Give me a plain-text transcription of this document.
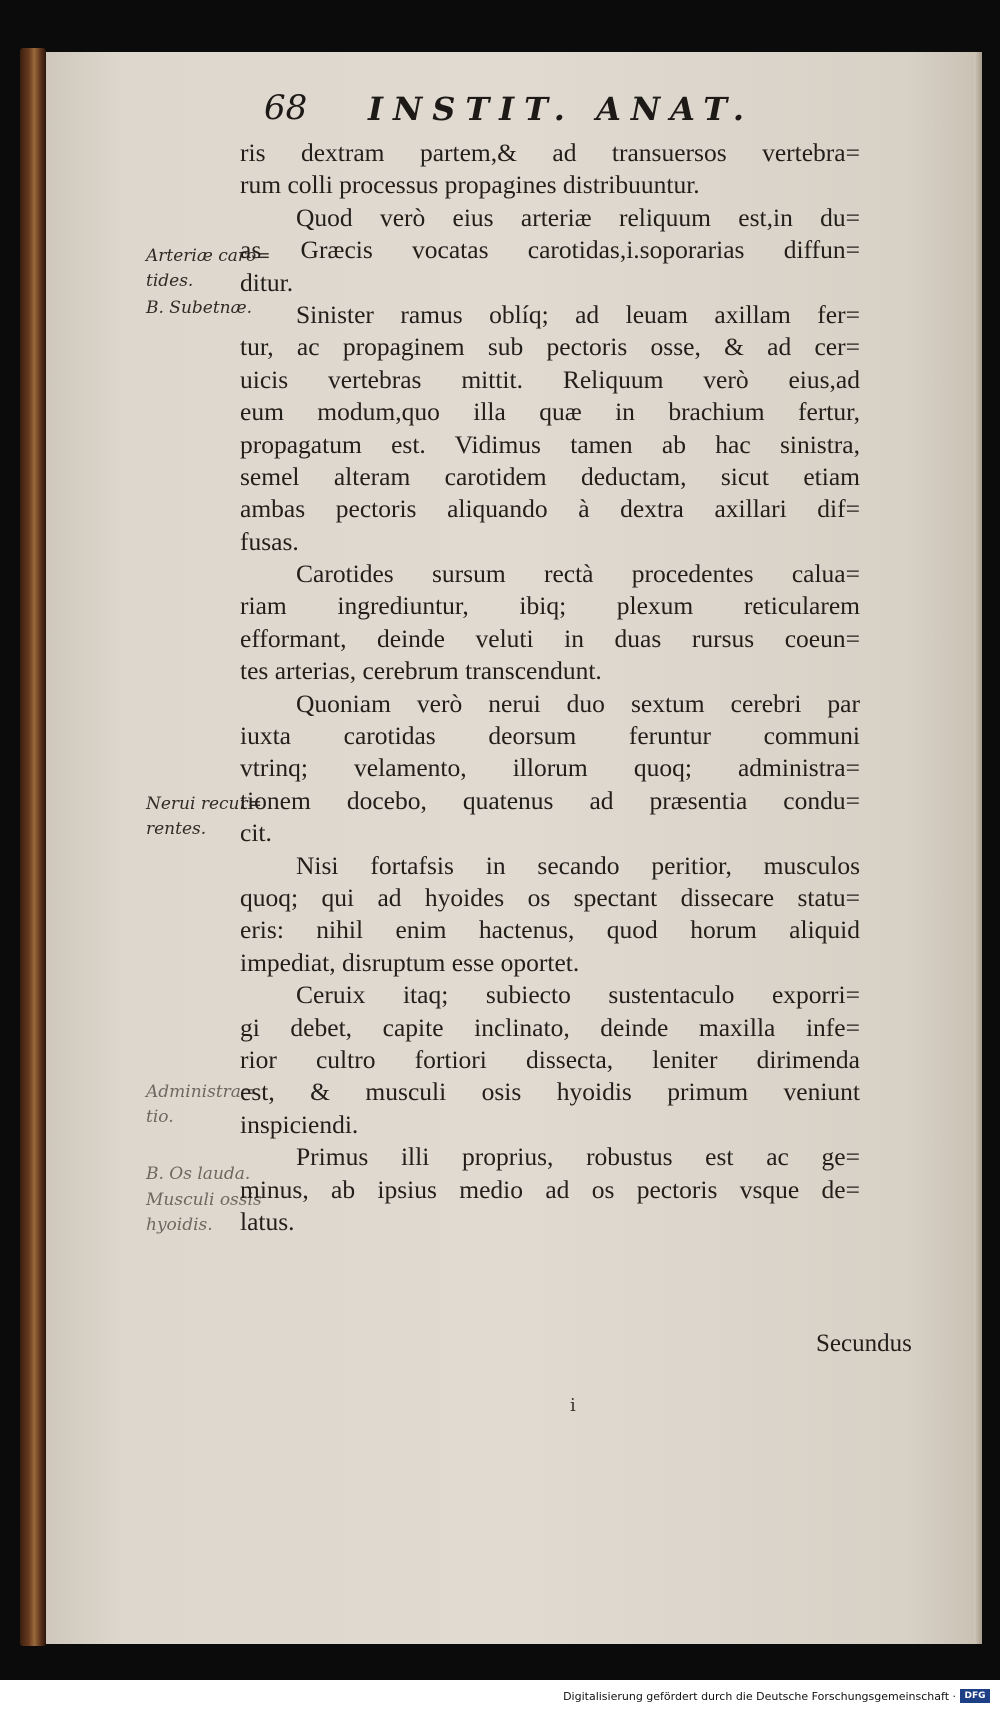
68 INSTIT. ANAT.
Arteriæ caro=
tides.
B. Subetnæ.
Nerui recur=
rentes.
Administra=
tio.
B. Os lauda.
Musculi ossis
hyoidis.
ris dextram partem,& ad transuersos vertebra=
rum colli processus propagines distribuuntur.
Quod verò eius arteriæ reliquum est,in du=
as Græcis vocatas carotidas,i.soporarias diffun=
ditur.
Sinister ramus oblíq; ad leuam axillam fer=
tur, ac propaginem sub pectoris osse, & ad cer=
uicis vertebras mittit. Reliquum verò eius,ad
eum modum,quo illa quæ in brachium fertur,
propagatum est. Vidimus tamen ab hac sinistra,
semel alteram carotidem deductam, sicut etiam
ambas pectoris aliquando à dextra axillari dif=
fusas.
Carotides sursum rectà procedentes calua=
riam ingrediuntur, ibiq; plexum reticularem
efformant, deinde veluti in duas rursus coeun=
tes arterias, cerebrum transcendunt.
Quoniam verò nerui duo sextum cerebri par
iuxta carotidas deorsum feruntur communi
vtrinq; velamento, illorum quoq; administra=
tionem docebo, quatenus ad præsentia condu=
cit.
Nisi fortafsis in secando peritior, musculos
quoq; qui ad hyoides os spectant dissecare statu=
eris: nihil enim hactenus, quod horum aliquid
impediat, disruptum esse oportet.
Ceruix itaq; subiecto sustentaculo exporri=
gi debet, capite inclinato, deinde maxilla infe=
rior cultro fortiori dissecta, leniter dirimenda
est, & musculi osis hyoidis primum veniunt
inspiciendi.
Primus illi proprius, robustus est ac ge=
minus, ab ipsius medio ad os pectoris vsque de=
latus.
Secundus
i
Digitalisierung gefördert durch die Deutsche Forschungsgemeinschaft · DFG
